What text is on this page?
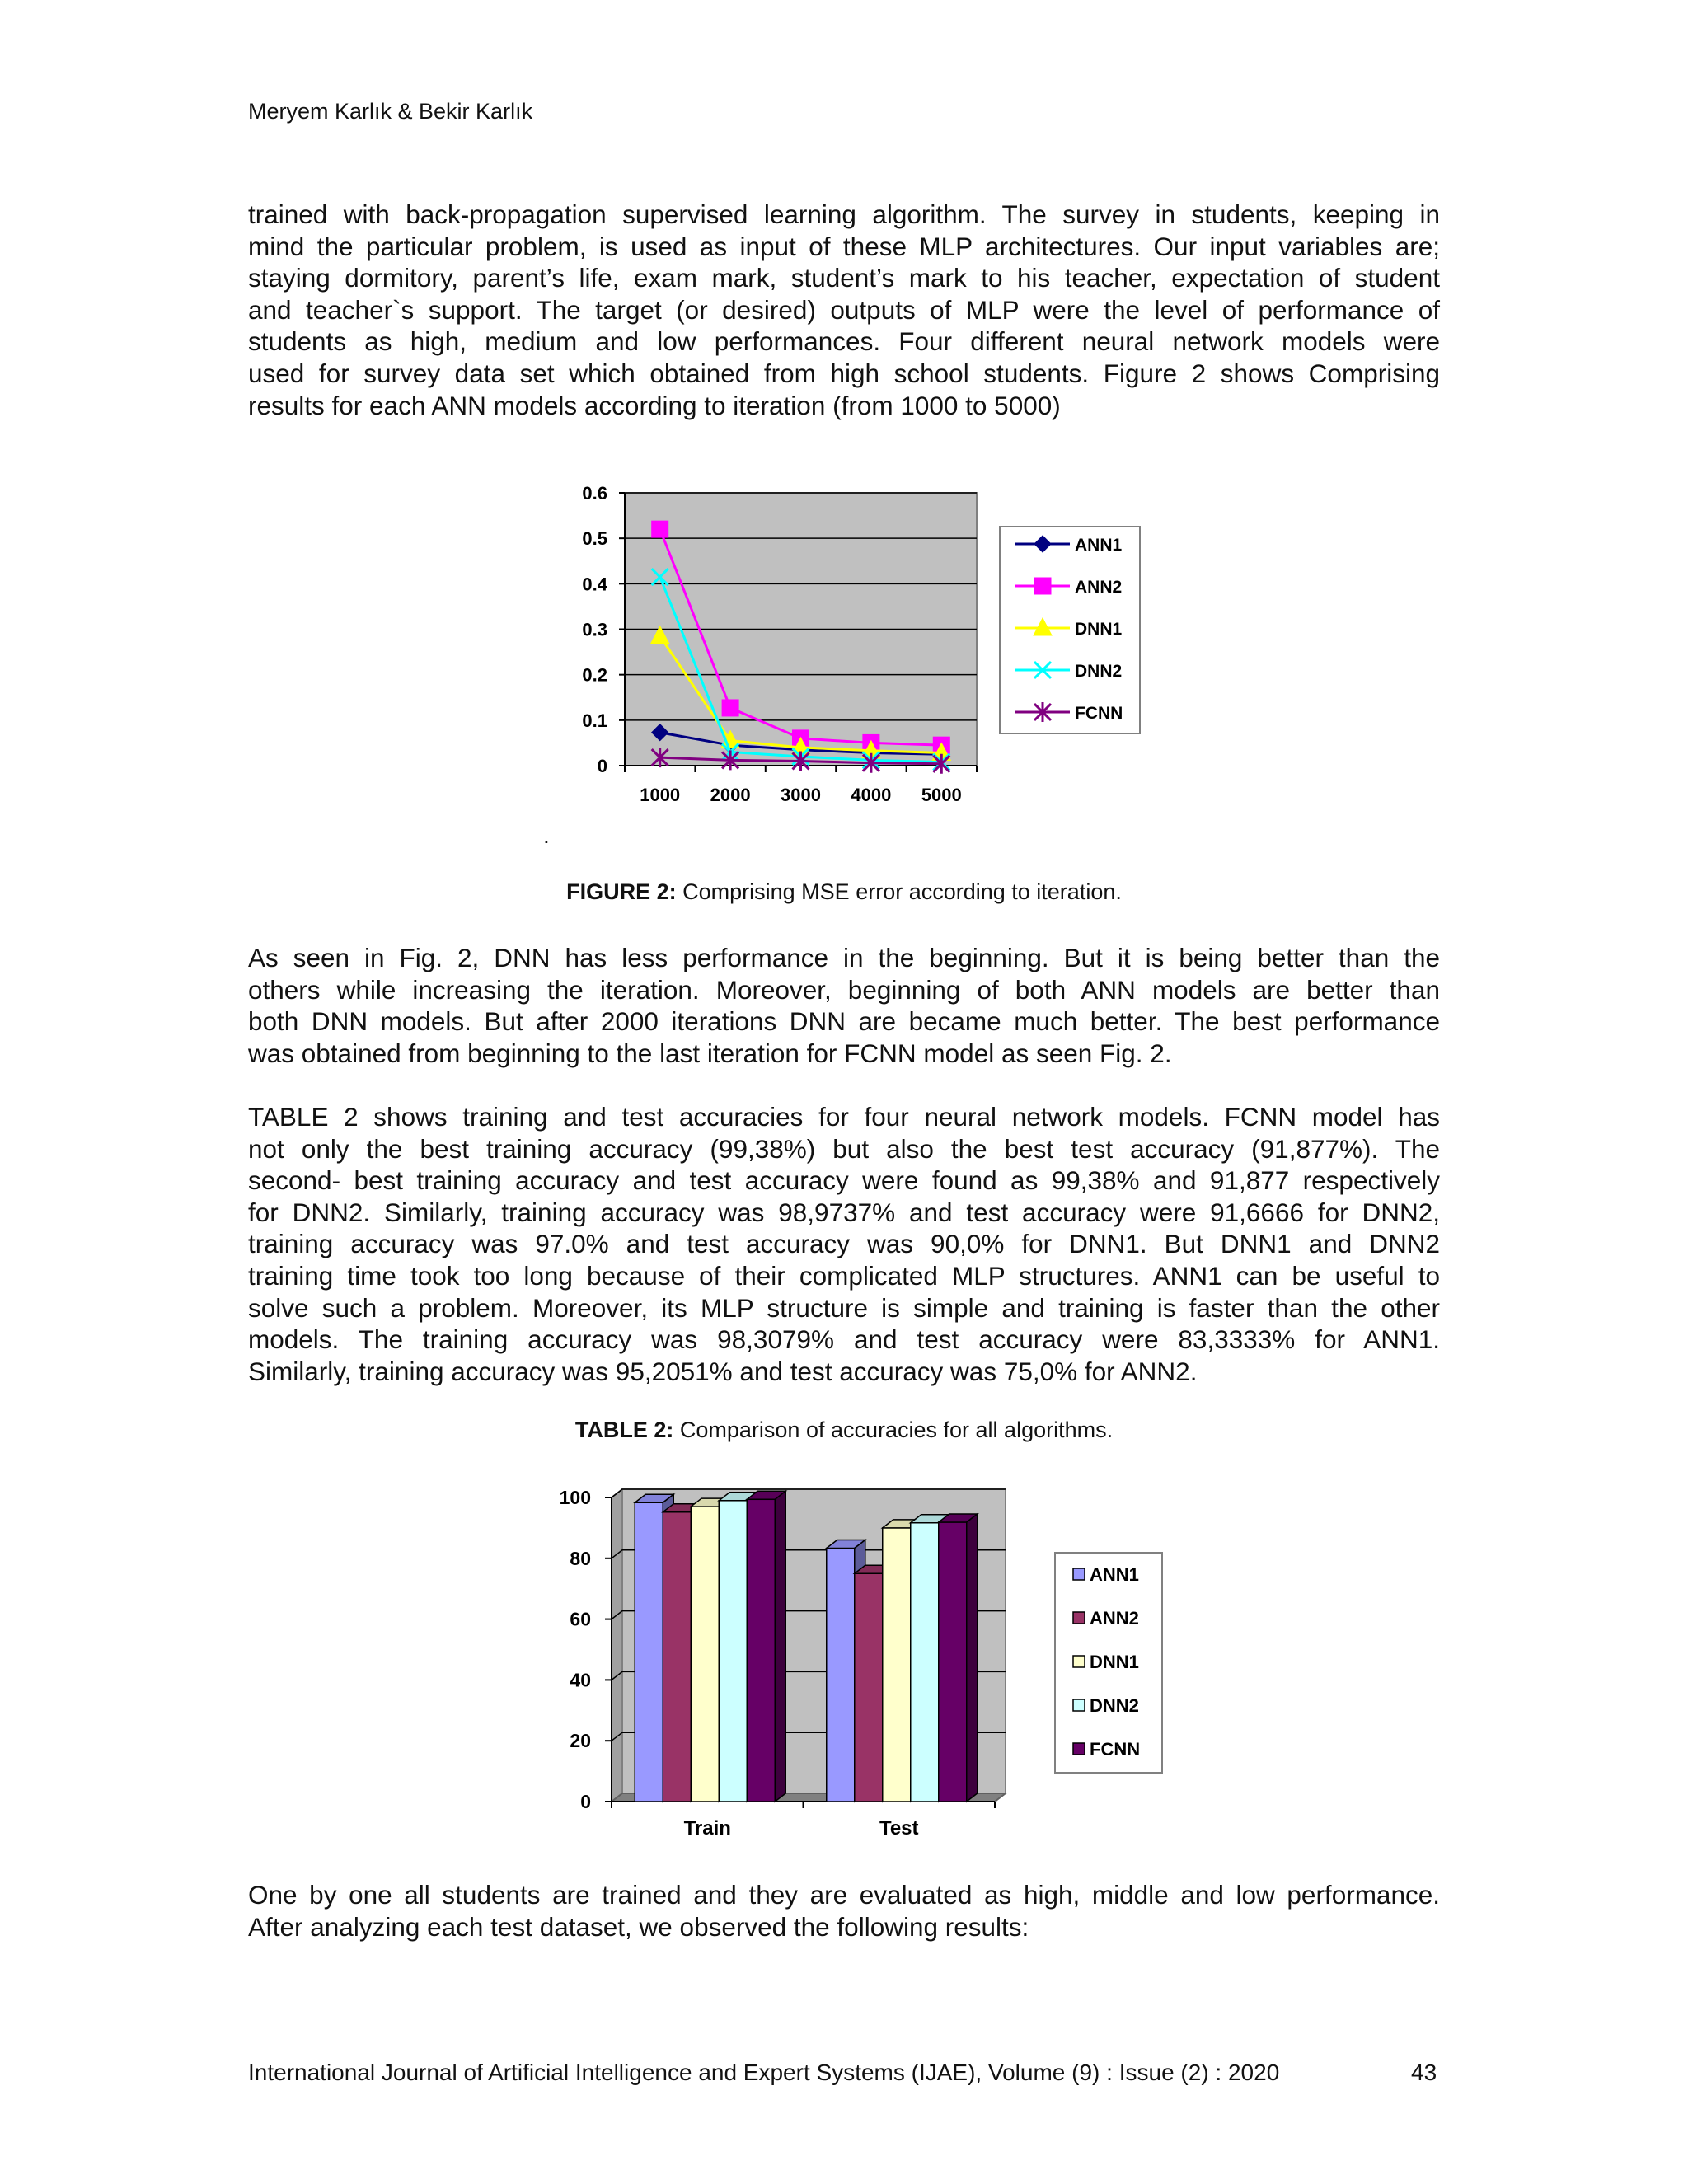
Meryem Karlık & Bekir Karlık
trained with back-propagation supervised learning algorithm. The survey in students, keeping in
mind the particular problem, is used as input of these MLP architectures. Our input variables are;
staying dormitory, parent’s life, exam mark, student’s mark to his teacher, expectation of student
and teacher`s support. The target (or desired) outputs of MLP were the level of performance of
students as high, medium and low performances. Four different neural network models were
used for survey data set which obtained from high school students. Figure 2 shows Comprising
results for each ANN models according to iteration (from 1000 to 5000)
0
0.1
0.2
0.3
0.4
0.5
0.6
1000 2000 3000 4000 5000
ANN1
ANN2
DNN1
DNN2
FCNN
0
20
40
60
80
100
Train	Test
ANN1
ANN2
DNN1
DNN2
FCNN
.
FIGURE 2: Comprising MSE error according to iteration.
As seen in Fig. 2, DNN has less performance in the beginning. But it is being better than the
others while increasing the iteration. Moreover, beginning of both ANN models are better than
both DNN models. But after 2000 iterations DNN are became much better. The best performance
was obtained from beginning to the last iteration for FCNN model as seen Fig. 2.
TABLE 2 shows training and test accuracies for four neural network models. FCNN model has
not only the best training accuracy (99,38%) but also the best test accuracy (91,877%). The
second- best training accuracy and test accuracy were found as 99,38% and 91,877 respectively
for DNN2. Similarly, training accuracy was 98,9737% and test accuracy were 91,6666 for DNN2,
training accuracy was 97.0% and test accuracy was 90,0% for DNN1. But DNN1 and DNN2
training time took too long because of their complicated MLP structures. ANN1 can be useful to
solve such a problem. Moreover, its MLP structure is simple and training is faster than the other
models. The training accuracy was 98,3079% and test accuracy were 83,3333% for ANN1.
Similarly, training accuracy was 95,2051% and test accuracy was 75,0% for ANN2.
TABLE 2: Comparison of accuracies for all algorithms.
One by one all students are trained and they are evaluated as high, middle and low performance.
After analyzing each test dataset, we observed the following results:
International Journal of Artificial Intelligence and Expert Systems (IJAE), Volume (9) : Issue (2) : 2020	43
